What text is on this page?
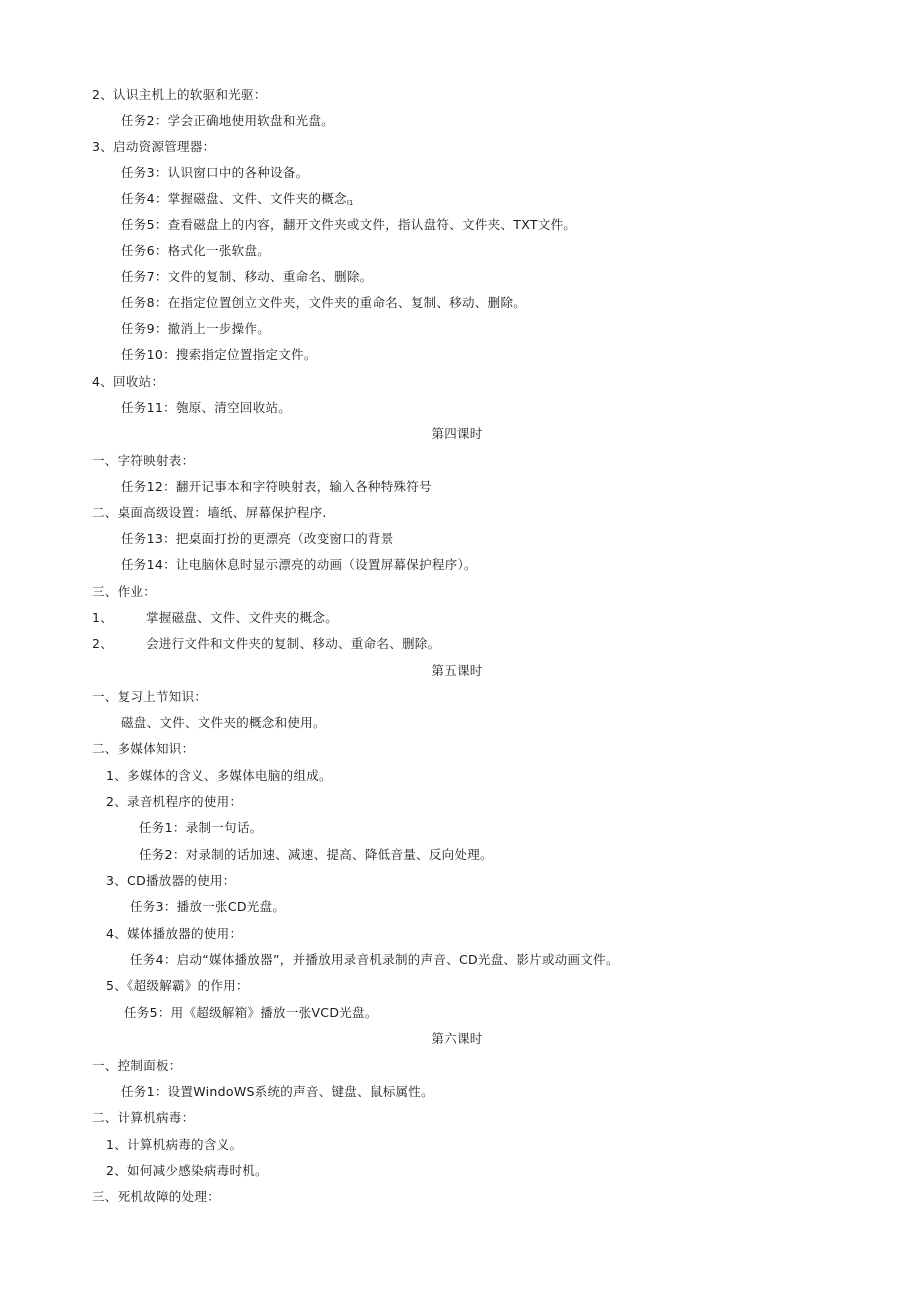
2、认识主机上的软驱和光驱：
任务2：学会正确地使用软盘和光盘。
3、启动资源管理器：
任务3：认识窗口中的各种设备。
任务4：掌握磁盘、文件、文件夹的概念$_{I1}$
任务5：查看磁盘上的内容，翻开文件夹或文件，指认盘符、文件夹、TXT文件。
任务6：格式化一张软盘。
任务7：文件的复制、移动、重命名、删除。
任务8：在指定位置创立文件夹，文件夹的重命名、复制、移动、删除。
任务9：撤消上一步操作。
任务10：搜索指定位置指定文件。
4、回收站：
任务11：匏原、清空回收站。
第四课时
一、字符映射表：
任务12：翻开记事本和字符映射表，输入各种特殊符号
二、桌面高级设置：墙纸、屏幕保护程序.
任务13：把桌面打扮的更漂亮（改变窗口的背景
任务14：让电脑休息时显示漂亮的动画（设置屏幕保护程序）。
三、作业：
1、	掌握磁盘、文件、文件夹的概念。
2、	会进行文件和文件夹的复制、移动、重命名、删除。
第五课时
一、复习上节知识：
磁盘、文件、文件夹的概念和使用。
二、多媒体知识：
1、多媒体的含义、多媒体电脑的组成。
2、录音机程序的使用：
任务1：录制一句话。
任务2：对录制的话加速、减速、提高、降低音量、反向处理。
3、CD播放器的使用：
任务3：播放一张CD光盘。
4、媒体播放器的使用：
任务4：启动“媒体播放器”，并播放用录音机录制的声音、CD光盘、影片或动画文件。
5、《超级解霸》的作用：
任务5：用《超级解箱》播放一张VCD光盘。
第六课时
一、控制面板：
任务1：设置WindoWS系统的声音、键盘、鼠标属性。
二、计算机病毒：
1、计算机病毒的含义。
2、如何减少感染病毒时机。
三、死机故障的处理：
